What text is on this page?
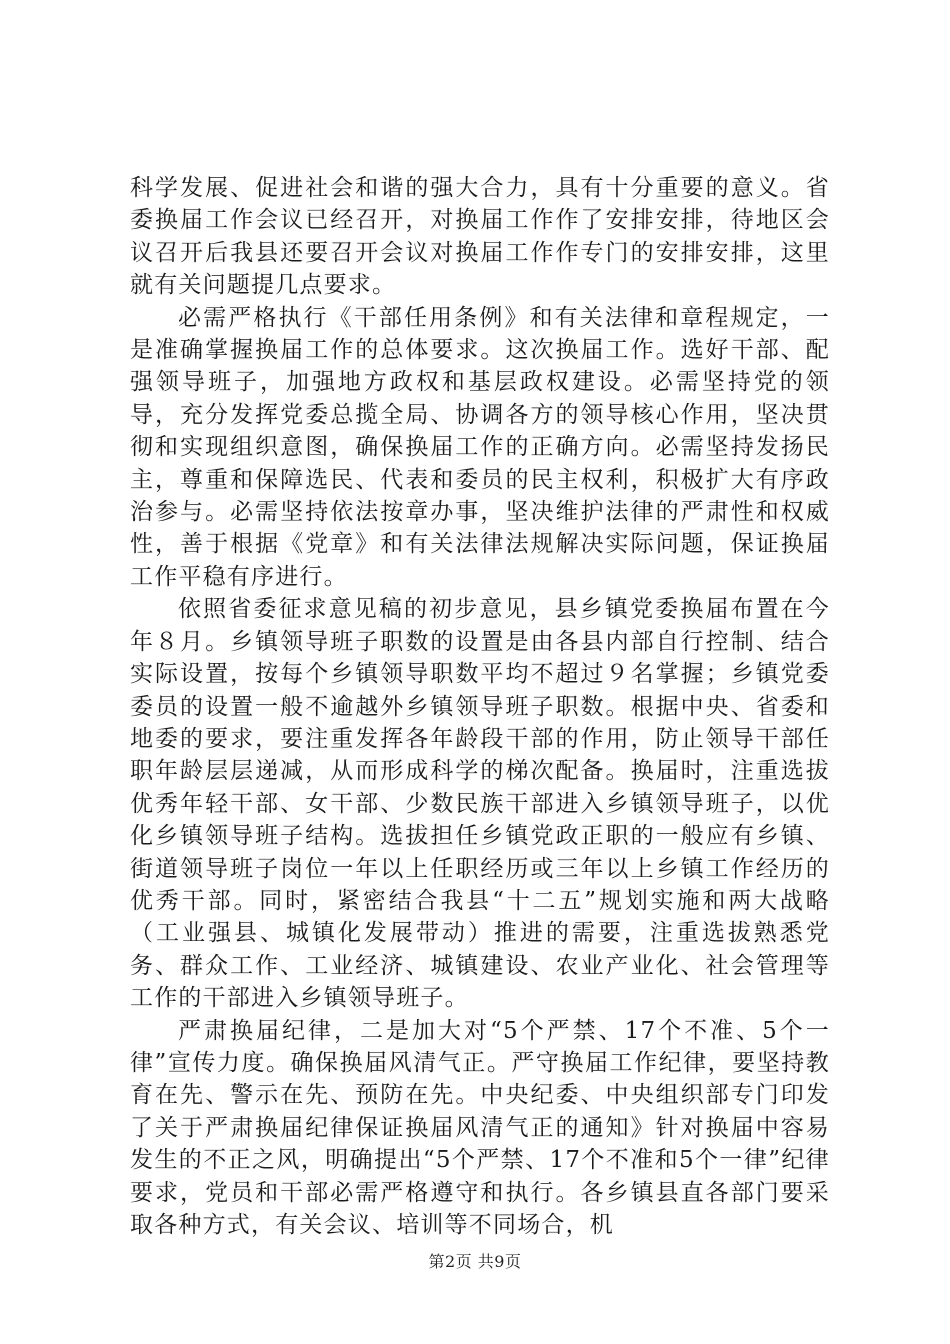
科学发展、促进社会和谐的强大合力，具有十分重要的意义。省委换届工作会议已经召开，对换届工作作了安排安排，待地区会议召开后我县还要召开会议对换届工作作专门的安排安排，这里就有关问题提几点要求。

必需严格执行《干部任用条例》和有关法律和章程规定，一是准确掌握换届工作的总体要求。这次换届工作。选好干部、配强领导班子，加强地方政权和基层政权建设。必需坚持党的领导，充分发挥党委总揽全局、协调各方的领导核心作用，坚决贯彻和实现组织意图，确保换届工作的正确方向。必需坚持发扬民主，尊重和保障选民、代表和委员的民主权利，积极扩大有序政治参与。必需坚持依法按章办事，坚决维护法律的严肃性和权威性，善于根据《党章》和有关法律法规解决实际问题，保证换届工作平稳有序进行。

依照省委征求意见稿的初步意见，县乡镇党委换届布置在今年８月。乡镇领导班子职数的设置是由各县内部自行控制、结合实际设置，按每个乡镇领导职数平均不超过９名掌握；乡镇党委委员的设置一般不逾越外乡镇领导班子职数。根据中央、省委和地委的要求，要注重发挥各年龄段干部的作用，防止领导干部任职年龄层层递减，从而形成科学的梯次配备。换届时，注重选拔优秀年轻干部、女干部、少数民族干部进入乡镇领导班子，以优化乡镇领导班子结构。选拔担任乡镇党政正职的一般应有乡镇、街道领导班子岗位一年以上任职经历或三年以上乡镇工作经历的优秀干部。同时，紧密结合我县“十二五”规划实施和两大战略（工业强县、城镇化发展带动）推进的需要，注重选拔熟悉党务、群众工作、工业经济、城镇建设、农业产业化、社会管理等工作的干部进入乡镇领导班子。

严肃换届纪律，二是加大对“5个严禁、17个不准、5个一律”宣传力度。确保换届风清气正。严守换届工作纪律，要坚持教育在先、警示在先、预防在先。中央纪委、中央组织部专门印发了关于严肃换届纪律保证换届风清气正的通知》针对换届中容易发生的不正之风，明确提出“5个严禁、17个不准和5个一律”纪律要求，党员和干部必需严格遵守和执行。各乡镇县直各部门要采取各种方式，有关会议、培训等不同场合，机

第2页 共9页
